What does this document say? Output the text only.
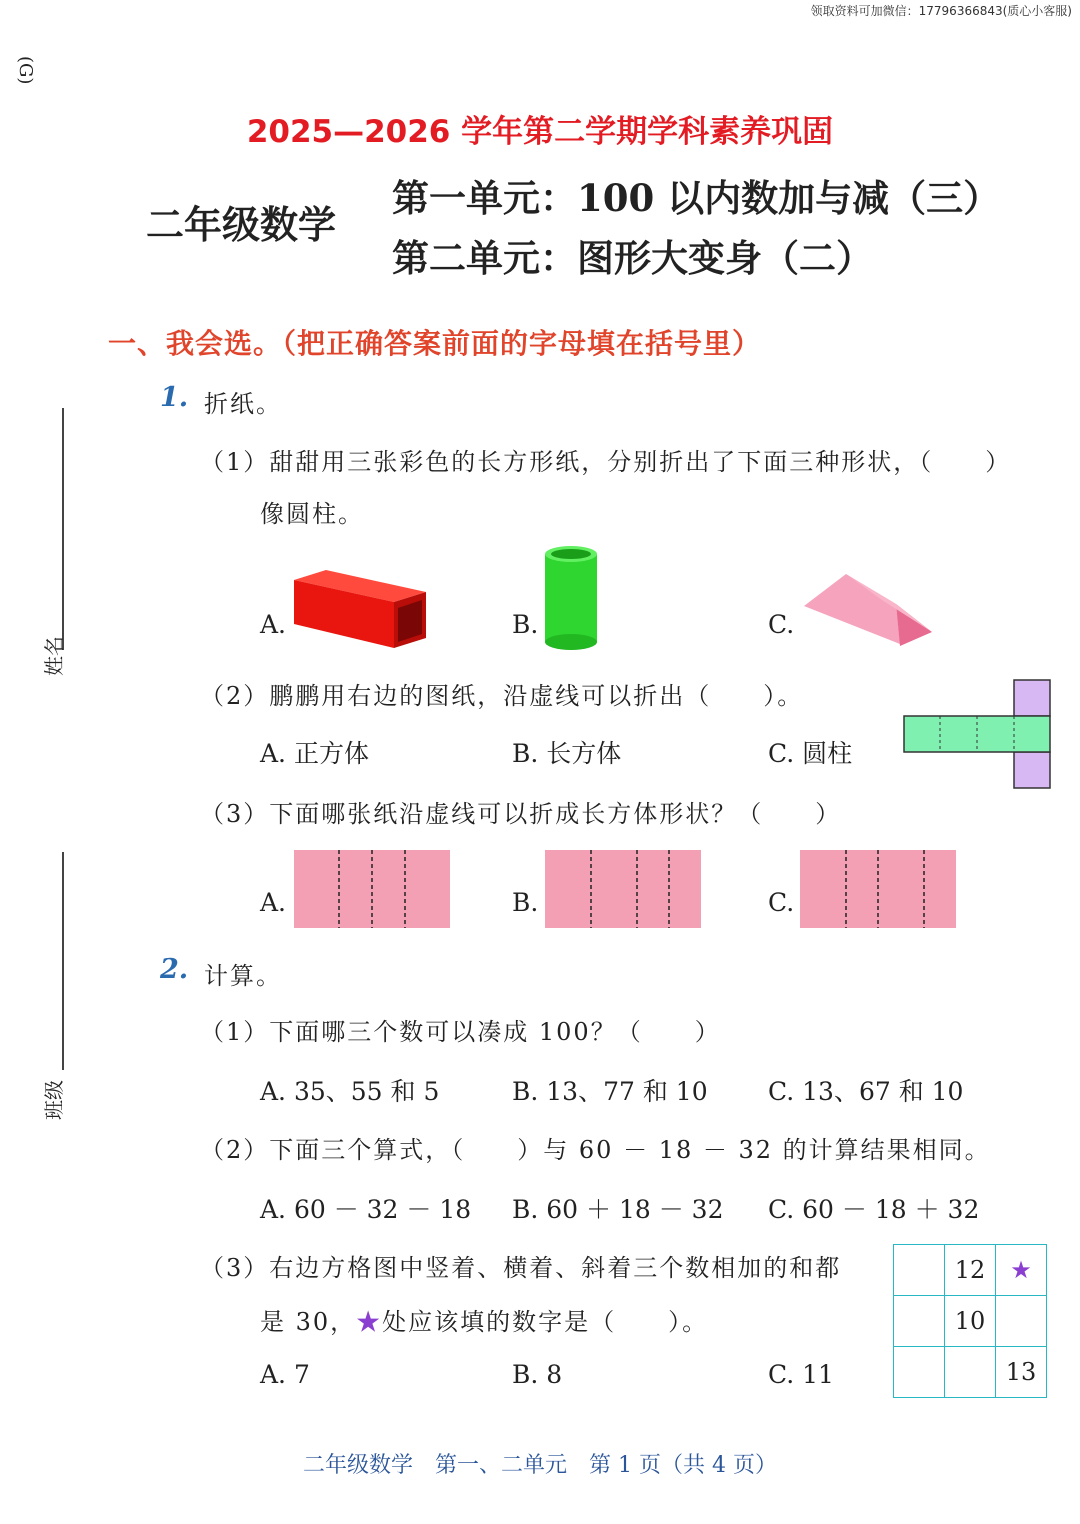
领取资料可加微信：17796366843(质心小客服)
(G)
姓名
班级
2025—2026 学年第二学期学科素养巩固
二年级数学
第一单元：100 以内数加与减（三）
第二单元：图形大变身（二）
一、我会选。（把正确答案前面的字母填在括号里）
1. 折纸。
（1）甜甜用三张彩色的长方形纸，分别折出了下面三种形状，（　　）
像圆柱。
A.	B.	C.
（2）鹏鹏用右边的图纸，沿虚线可以折出（　　）。
A. 正方体	B. 长方体	C. 圆柱
（3）下面哪张纸沿虚线可以折成长方体形状？（　　）
A.	B.	C.
2. 计算。
（1）下面哪三个数可以凑成 100？（　　）
A. 35、55 和 5	B. 13、77 和 10 C. 13、67 和 10
（2）下面三个算式，（　　）与 60 － 18 － 32 的计算结果相同。
A. 60 － 32 － 18 B. 60 ＋ 18 － 32 C. 60 － 18 ＋ 32
（3）右边方格图中竖着、横着、斜着三个数相加的和都
是 30，★处应该填的数字是（　　）。
A. 7	B. 8	C. 11
	12	★
	10	
		13
二年级数学　第一、二单元　第 1 页（共 4 页）
